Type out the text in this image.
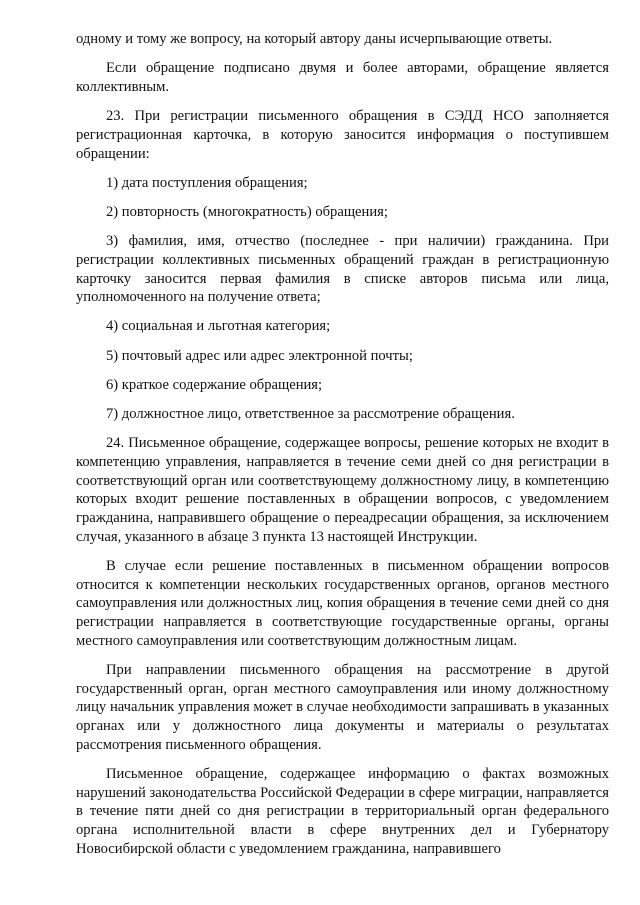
одному и тому же вопросу, на который автору даны исчерпывающие ответы.

Если обращение подписано двумя и более авторами, обращение является коллективным.

23. При регистрации письменного обращения в СЭДД НСО заполняется регистрационная карточка, в которую заносится информация о поступившем обращении:

1) дата поступления обращения;

2) повторность (многократность) обращения;

3) фамилия, имя, отчество (последнее - при наличии) гражданина. При регистрации коллективных письменных обращений граждан в регистрационную карточку заносится первая фамилия в списке авторов письма или лица, уполномоченного на получение ответа;

4) социальная и льготная категория;

5) почтовый адрес или адрес электронной почты;

6) краткое содержание обращения;

7) должностное лицо, ответственное за рассмотрение обращения.

24. Письменное обращение, содержащее вопросы, решение которых не входит в компетенцию управления, направляется в течение семи дней со дня регистрации в соответствующий орган или соответствующему должностному лицу, в компетенцию которых входит решение поставленных в обращении вопросов, с уведомлением гражданина, направившего обращение о переадресации обращения, за исключением случая, указанного в абзаце 3 пункта 13 настоящей Инструкции.

В случае если решение поставленных в письменном обращении вопросов относится к компетенции нескольких государственных органов, органов местного самоуправления или должностных лиц, копия обращения в течение семи дней со дня регистрации направляется в соответствующие государственные органы, органы местного самоуправления или соответствующим должностным лицам.

При направлении письменного обращения на рассмотрение в другой государственный орган, орган местного самоуправления или иному должностному лицу начальник управления может в случае необходимости запрашивать в указанных органах или у должностного лица документы и материалы о результатах рассмотрения письменного обращения.

Письменное обращение, содержащее информацию о фактах возможных нарушений законодательства Российской Федерации в сфере миграции, направляется в течение пяти дней со дня регистрации в территориальный орган федерального органа исполнительной власти в сфере внутренних дел и Губернатору Новосибирской области с уведомлением гражданина, направившего
